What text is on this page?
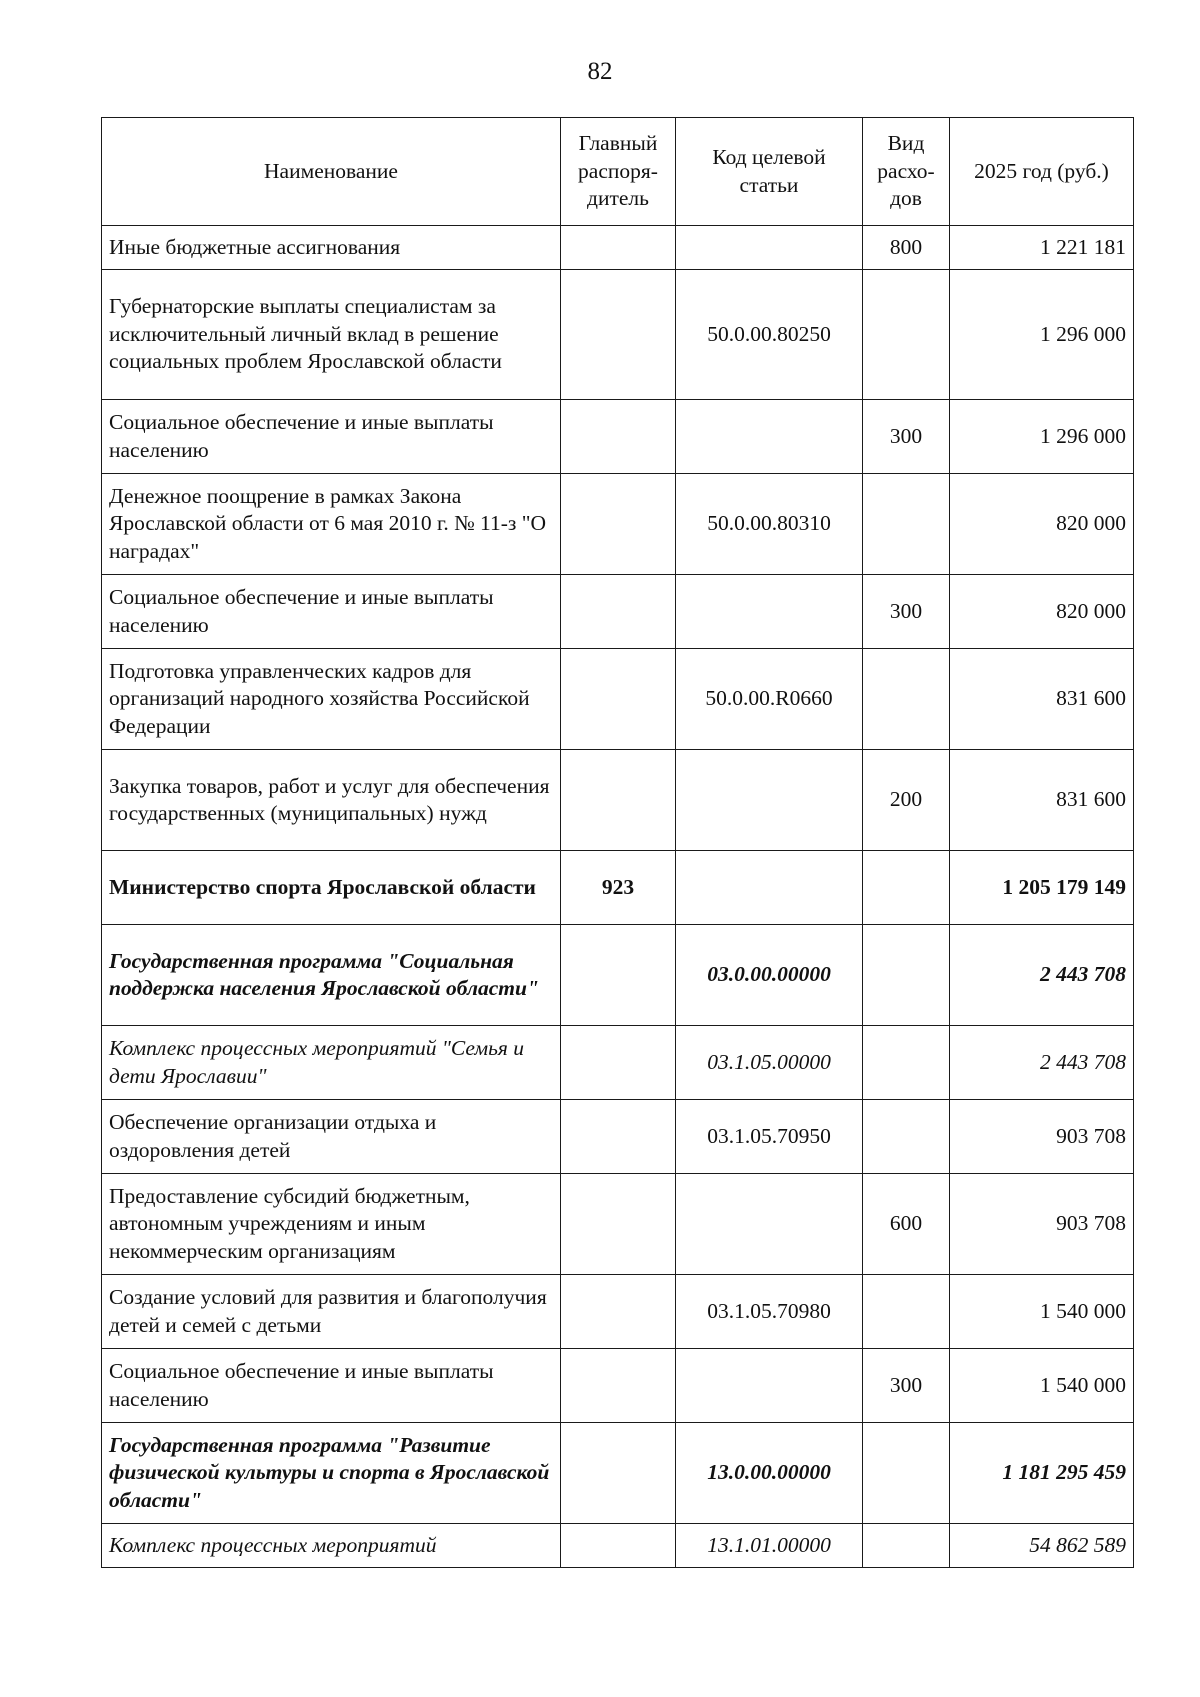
82
Наименование	Главный распоря-дитель	Код целевой статьи	Вид расхо-дов	2025 год (руб.)
Иные бюджетные ассигнования			800	1 221 181
Губернаторские выплаты специалистам за исключительный личный вклад в решение социальных проблем Ярославской области		50.0.00.80250		1 296 000
Социальное обеспечение и иные выплаты населению			300	1 296 000
Денежное поощрение в рамках Закона Ярославской области от 6 мая 2010 г. № 11-з "О наградах"		50.0.00.80310		820 000
Социальное обеспечение и иные выплаты населению			300	820 000
Подготовка управленческих кадров для организаций народного хозяйства Российской Федерации		50.0.00.R0660		831 600
Закупка товаров, работ и услуг для обеспечения государственных (муниципальных) нужд			200	831 600
Министерство спорта Ярославской области	923			1 205 179 149
Государственная программа "Социальная поддержка населения Ярославской области"		03.0.00.00000		2 443 708
Комплекс процессных мероприятий "Семья и дети Ярославии"		03.1.05.00000		2 443 708
Обеспечение организации отдыха и оздоровления детей		03.1.05.70950		903 708
Предоставление субсидий бюджетным, автономным учреждениям и иным некоммерческим организациям			600	903 708
Создание условий для развития и благополучия детей и семей с детьми		03.1.05.70980		1 540 000
Социальное обеспечение и иные выплаты населению			300	1 540 000
Государственная программа "Развитие физической культуры и спорта в Ярославской области"		13.0.00.00000		1 181 295 459
Комплекс процессных мероприятий		13.1.01.00000		54 862 589
